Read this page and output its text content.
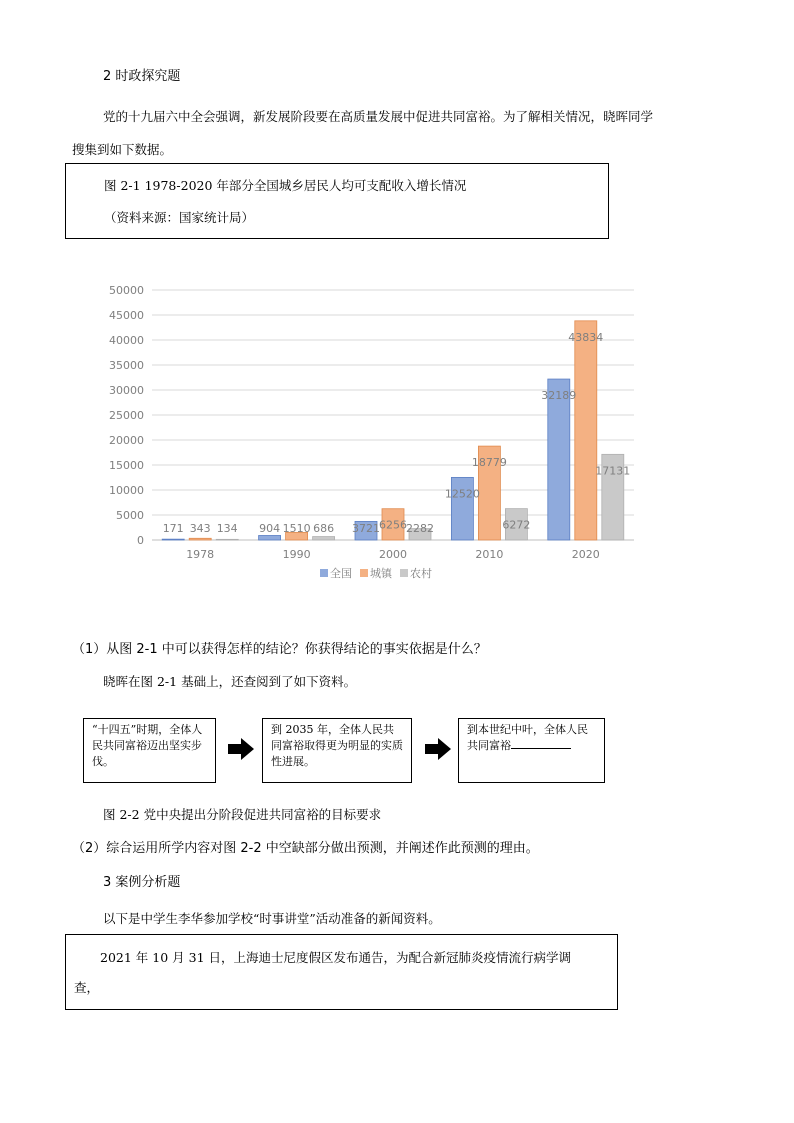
2 时政探究题
党的十九届六中全会强调，新发展阶段要在高质量发展中促进共同富裕。为了解相关情况，晓晖同学
搜集到如下数据。
图 2-1 1978-2020 年部分全国城乡居民人均可支配收入增长情况
（资料来源：国家统计局）
171 343 134 904 1510 686 3721 6256 2282
12520
18779
6272
32189
43834
17131
1978	1990	2000	2010	2020
0
5000
10000
15000
20000
25000
30000
35000
40000
45000
50000
全国 城镇 农村
（1）从图 2-1 中可以获得怎样的结论？你获得结论的事实依据是什么？
晓晖在图 2-1 基础上，还查阅到了如下资料。
“十四五”时期，全体人民共同富裕迈出坚实步伐。
到 2035 年，全体人民共同富裕取得更为明显的实质性进展。
到本世纪中叶，全体人民共同富裕
图 2-2 党中央提出分阶段促进共同富裕的目标要求
（2）综合运用所学内容对图 2-2 中空缺部分做出预测，并阐述作此预测的理由。
3 案例分析题
以下是中学生李华参加学校“时事讲堂”活动准备的新闻资料。
2021 年 10 月 31 日，上海迪士尼度假区发布通告，为配合新冠肺炎疫情流行病学调
查，
